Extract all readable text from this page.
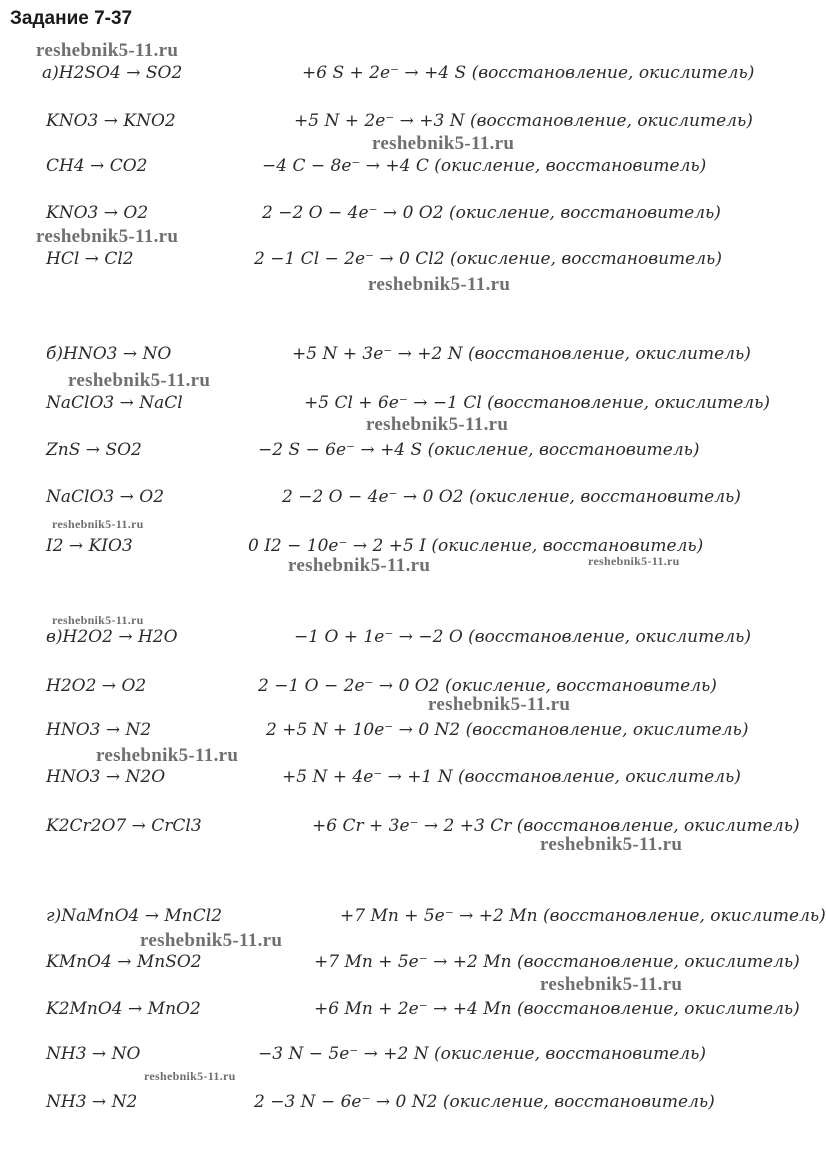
Задание 7-37
а)H2SO4 → SO2	+6 S + 2e⁻ → +4 S (восстановление, окислитель)
KNO3 → KNO2	+5 N + 2e⁻ → +3 N (восстановление, окислитель)
CH4 → CO2	−4 C − 8e⁻ → +4 C (окисление, восстановитель)
KNO3 → O2	2 −2 O − 4e⁻ → 0 O2 (окисление, восстановитель)
HCl → Cl2	2 −1 Cl − 2e⁻ → 0 Cl2 (окисление, восстановитель)
б)HNO3 → NO	+5 N + 3e⁻ → +2 N (восстановление, окислитель)
NaClO3 → NaCl	+5 Cl + 6e⁻ → −1 Cl (восстановление, окислитель)
ZnS → SO2	−2 S − 6e⁻ → +4 S (окисление, восстановитель)
NaClO3 → O2	2 −2 O − 4e⁻ → 0 O2 (окисление, восстановитель)
I2 → KIO3	0 I2 − 10e⁻ → 2 +5 I (окисление, восстановитель)
в)H2O2 → H2O	−1 O + 1e⁻ → −2 O (восстановление, окислитель)
H2O2 → O2	2 −1 O − 2e⁻ → 0 O2 (окисление, восстановитель)
HNO3 → N2	2 +5 N + 10e⁻ → 0 N2 (восстановление, окислитель)
HNO3 → N2O	+5 N + 4e⁻ → +1 N (восстановление, окислитель)
K2Cr2O7 → CrCl3	+6 Cr + 3e⁻ → 2 +3 Cr (восстановление, окислитель)
г)NaMnO4 → MnCl2	+7 Mn + 5e⁻ → +2 Mn (восстановление, окислитель)
KMnO4 → MnSO2	+7 Mn + 5e⁻ → +2 Mn (восстановление, окислитель)
K2MnO4 → MnO2	+6 Mn + 2e⁻ → +4 Mn (восстановление, окислитель)
NH3 → NO	−3 N − 5e⁻ → +2 N (окисление, восстановитель)
NH3 → N2	2 −3 N − 6e⁻ → 0 N2 (окисление, восстановитель)
reshebnik5-11.ru
reshebnik5-11.ru
reshebnik5-11.ru
reshebnik5-11.ru
reshebnik5-11.ru
reshebnik5-11.ru
reshebnik5-11.ru
reshebnik5-11.ru	reshebnik5-11.ru
reshebnik5-11.ru
reshebnik5-11.ru
reshebnik5-11.ru
reshebnik5-11.ru
reshebnik5-11.ru
reshebnik5-11.ru
reshebnik5-11.ru
